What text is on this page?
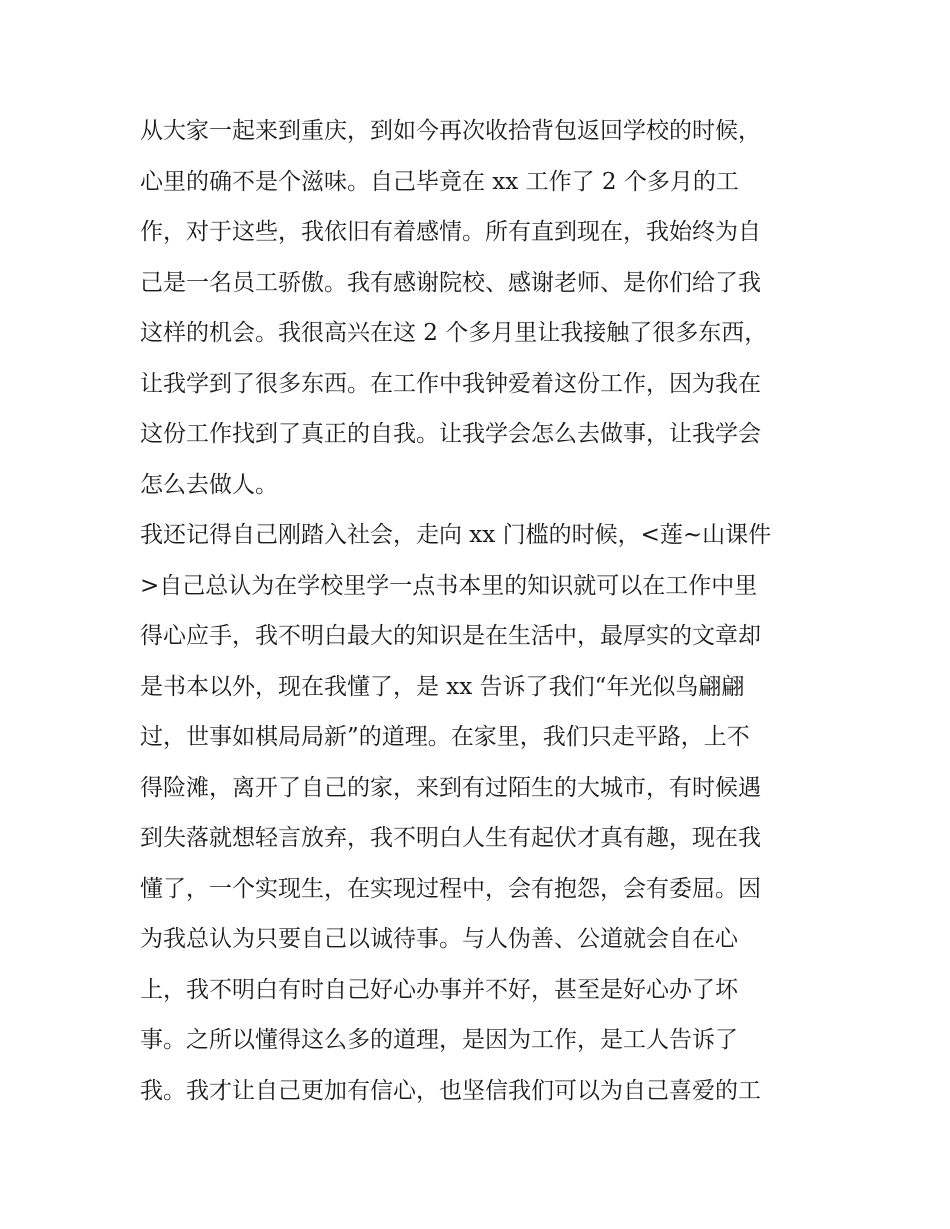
从大家一起来到重庆，到如今再次收拾背包返回学校的时候，
心里的确不是个滋味。自己毕竟在 xx 工作了 2 个多月的工
作，对于这些，我依旧有着感情。所有直到现在，我始终为自
己是一名员工骄傲。我有感谢院校、感谢老师、是你们给了我
这样的机会。我很高兴在这 2 个多月里让我接触了很多东西，
让我学到了很多东西。在工作中我钟爱着这份工作，因为我在
这份工作找到了真正的自我。让我学会怎么去做事，让我学会
怎么去做人。
我还记得自己刚踏入社会，走向 xx 门槛的时候，<莲~山课件
>自己总认为在学校里学一点书本里的知识就可以在工作中里
得心应手，我不明白最大的知识是在生活中，最厚实的文章却
是书本以外，现在我懂了，是 xx 告诉了我们“年光似鸟翩翩
过，世事如棋局局新”的道理。在家里，我们只走平路，上不
得险滩，离开了自己的家，来到有过陌生的大城市，有时候遇
到失落就想轻言放弃，我不明白人生有起伏才真有趣，现在我
懂了，一个实现生，在实现过程中，会有抱怨，会有委屈。因
为我总认为只要自己以诚待事。与人伪善、公道就会自在心
上，我不明白有时自己好心办事并不好，甚至是好心办了坏
事。之所以懂得这么多的道理，是因为工作，是工人告诉了
我。我才让自己更加有信心，也坚信我们可以为自己喜爱的工
